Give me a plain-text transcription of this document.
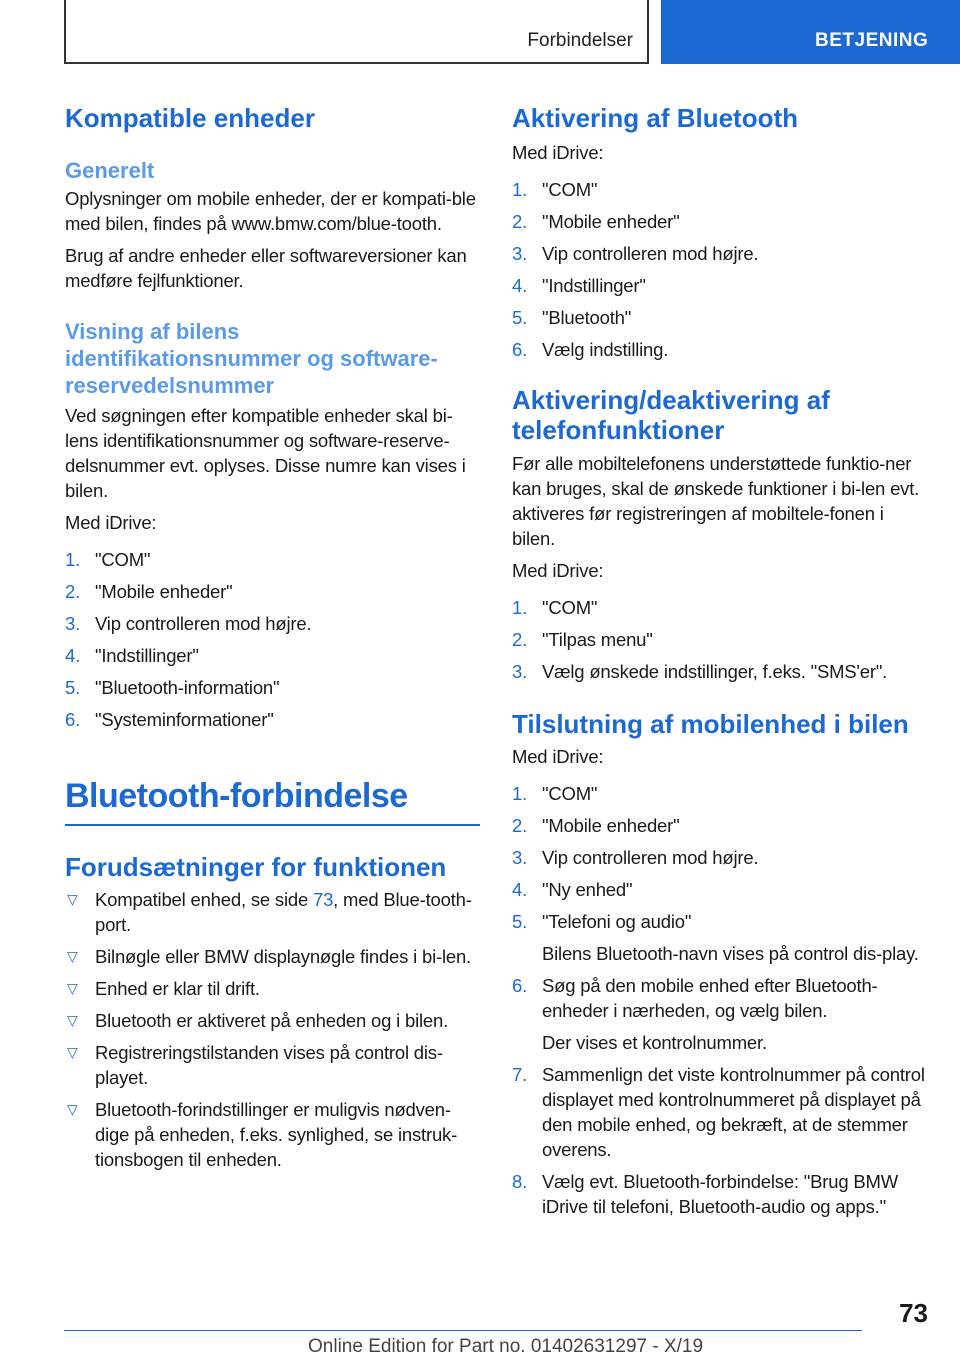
Forbindelser	BETJENING
Kompatible enheder
Generelt

Oplysninger om mobile enheder, der er kompati‐ble med bilen, findes på www.bmw.com/blue‐tooth.

Brug af andre enheder eller softwareversioner kan medføre fejlfunktioner.

Visning af bilens identifikationsnummer og software‐reservedelsnummer

Ved søgningen efter kompatible enheder skal bi‐lens identifikationsnummer og software-reserve‐delsnummer evt. oplyses. Disse numre kan vises i bilen.

Med iDrive:

1. "COM"
2. "Mobile enheder"
3. Vip controlleren mod højre.
4. "Indstillinger"
5. "Bluetooth-information"
6. "Systeminformationer"
Bluetooth-forbindelse
Forudsætninger for funktionen
▽ Kompatibel enhed, se side 73, med Blue‐tooth-port.
▽ Bilnøgle eller BMW displaynøgle findes i bi‐len.
▽ Enhed er klar til drift.
▽ Bluetooth er aktiveret på enheden og i bilen.
▽ Registreringstilstanden vises på control dis‐playet.
▽ Bluetooth-forindstillinger er muligvis nødven‐dige på enheden, f.eks. synlighed, se instruk‐tionsbogen til enheden.
Aktivering af Bluetooth

Med iDrive:

1. "COM"
2. "Mobile enheder"
3. Vip controlleren mod højre.
4. "Indstillinger"
5. "Bluetooth"
6. Vælg indstilling.
Aktivering/deaktivering af telefonfunktioner

Før alle mobiltelefonens understøttede funktio‐ner kan bruges, skal de ønskede funktioner i bi‐len evt. aktiveres før registreringen af mobiltele‐fonen i bilen.

Med iDrive:

1. "COM"
2. "Tilpas menu"
3. Vælg ønskede indstillinger, f.eks. "SMS'er".
Tilslutning af mobilenhed i bilen

Med iDrive:

1. "COM"
2. "Mobile enheder"
3. Vip controlleren mod højre.
4. "Ny enhed"
5. "Telefoni og audio"
Bilens Bluetooth-navn vises på control dis‐play.
6. Søg på den mobile enhed efter Bluetooth-enheder i nærheden, og vælg bilen.
Der vises et kontrolnummer.
7. Sammenlign det viste kontrolnummer på control displayet med kontrolnummeret på displayet på den mobile enhed, og bekræft, at de stemmer overens.
8. Vælg evt. Bluetooth-forbindelse: "Brug BMW iDrive til telefoni, Bluetooth-audio og apps."
73
Online Edition for Part no. 01402631297 - X/19
